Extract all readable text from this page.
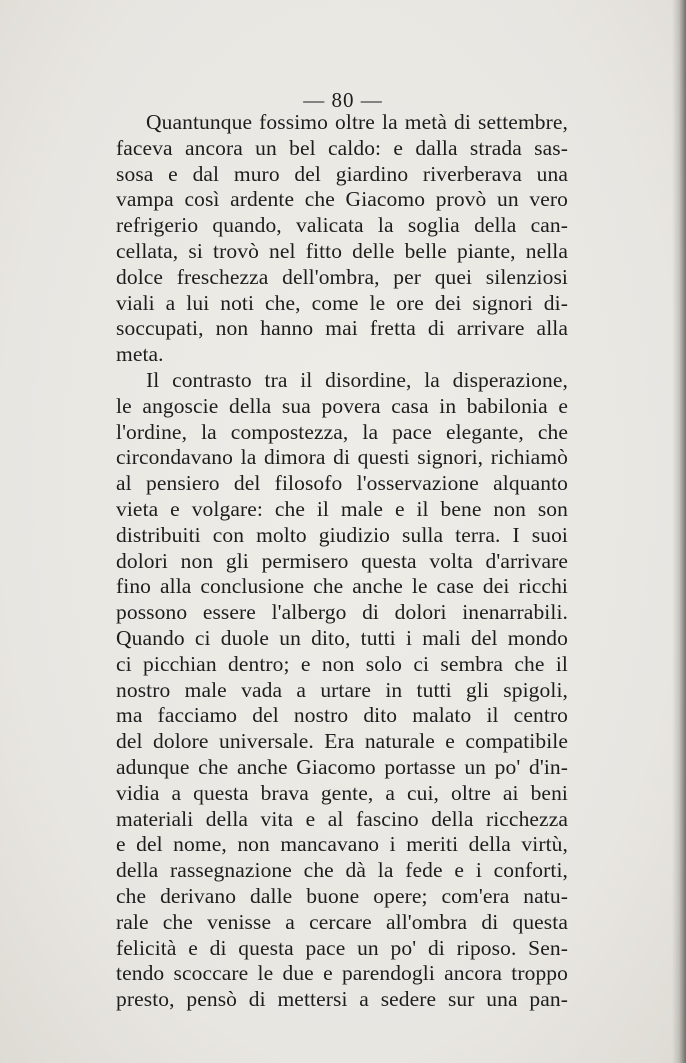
— 80 —
Quantunque fossimo oltre la metà di settembre,
faceva ancora un bel caldo: e dalla strada sas-
sosa e dal muro del giardino riverberava una
vampa così ardente che Giacomo provò un vero
refrigerio quando, valicata la soglia della can-
cellata, si trovò nel fitto delle belle piante, nella
dolce freschezza dell'ombra, per quei silenziosi
viali a lui noti che, come le ore dei signori di-
soccupati, non hanno mai fretta di arrivare alla
meta.
Il contrasto tra il disordine, la disperazione,
le angoscie della sua povera casa in babilonia e
l'ordine, la compostezza, la pace elegante, che
circondavano la dimora di questi signori, richiamò
al pensiero del filosofo l'osservazione alquanto
vieta e volgare: che il male e il bene non son
distribuiti con molto giudizio sulla terra. I suoi
dolori non gli permisero questa volta d'arrivare
fino alla conclusione che anche le case dei ricchi
possono essere l'albergo di dolori inenarrabili.
Quando ci duole un dito, tutti i mali del mondo
ci picchian dentro; e non solo ci sembra che il
nostro male vada a urtare in tutti gli spigoli,
ma facciamo del nostro dito malato il centro
del dolore universale. Era naturale e compatibile
adunque che anche Giacomo portasse un po' d'in-
vidia a questa brava gente, a cui, oltre ai beni
materiali della vita e al fascino della ricchezza
e del nome, non mancavano i meriti della virtù,
della rassegnazione che dà la fede e i conforti,
che derivano dalle buone opere; com'era natu-
rale che venisse a cercare all'ombra di questa
felicità e di questa pace un po' di riposo. Sen-
tendo scoccare le due e parendogli ancora troppo
presto, pensò di mettersi a sedere sur una pan-
